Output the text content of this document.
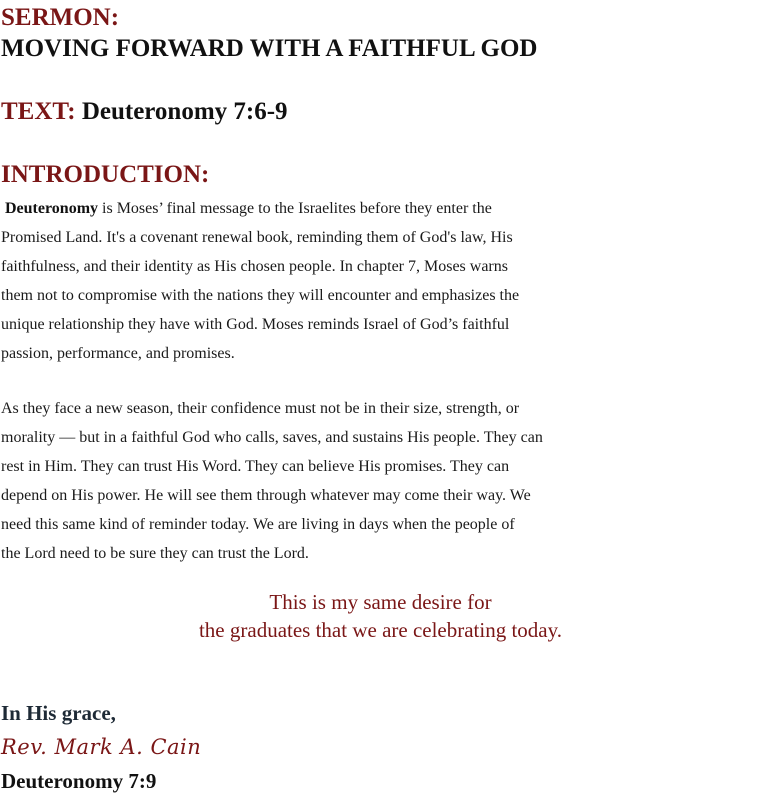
SERMON:
MOVING FORWARD WITH A FAITHFUL GOD
TEXT: Deuteronomy 7:6-9
INTRODUCTION:
Deuteronomy is Moses’ final message to the Israelites before they enter the
Promised Land. It's a covenant renewal book, reminding them of God's law, His
faithfulness, and their identity as His chosen people. In chapter 7, Moses warns
them not to compromise with the nations they will encounter and emphasizes the
unique relationship they have with God. Moses reminds Israel of God’s faithful
passion, performance, and promises.
As they face a new season, their confidence must not be in their size, strength, or
morality — but in a faithful God who calls, saves, and sustains His people. They can
rest in Him. They can trust His Word. They can believe His promises. They can
depend on His power. He will see them through whatever may come their way. We
need this same kind of reminder today. We are living in days when the people of
the Lord need to be sure they can trust the Lord.
This is my same desire for
the graduates that we are celebrating today.
In His grace,
Rev. Mark A. Cain
Deuteronomy 7:9
